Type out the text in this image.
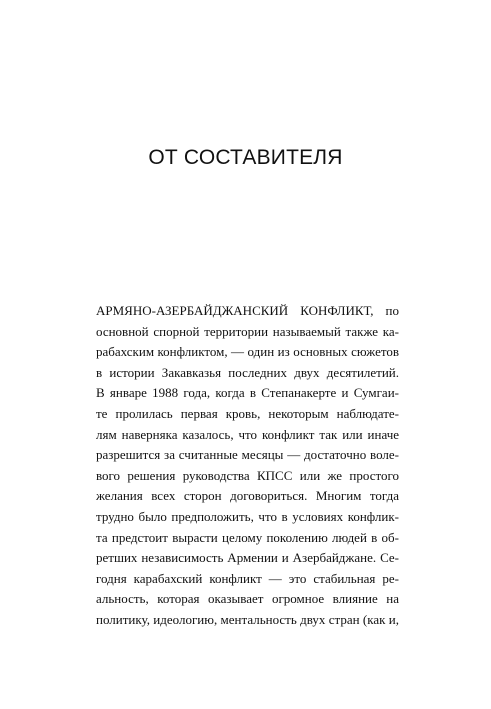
ОТ СОСТАВИТЕЛЯ
АРМЯНО-АЗЕРБАЙДЖАНСКИЙ КОНФЛИКТ, по
основной спорной территории называемый также ка-
рабахским конфликтом, — один из основных сюжетов
в истории Закавказья последних двух десятилетий.
В январе 1988 года, когда в Степанакерте и Сумгаи-
те пролилась первая кровь, некоторым наблюдате-
лям наверняка казалось, что конфликт так или иначе
разрешится за считанные месяцы — достаточно воле-
вого решения руководства КПСС или же простого
желания всех сторон договориться. Многим тогда
трудно было предположить, что в условиях конфлик-
та предстоит вырасти целому поколению людей в об-
ретших независимость Армении и Азербайджане. Се-
годня карабахский конфликт — это стабильная ре-
альность, которая оказывает огромное влияние на
политику, идеологию, ментальность двух стран (как и,
